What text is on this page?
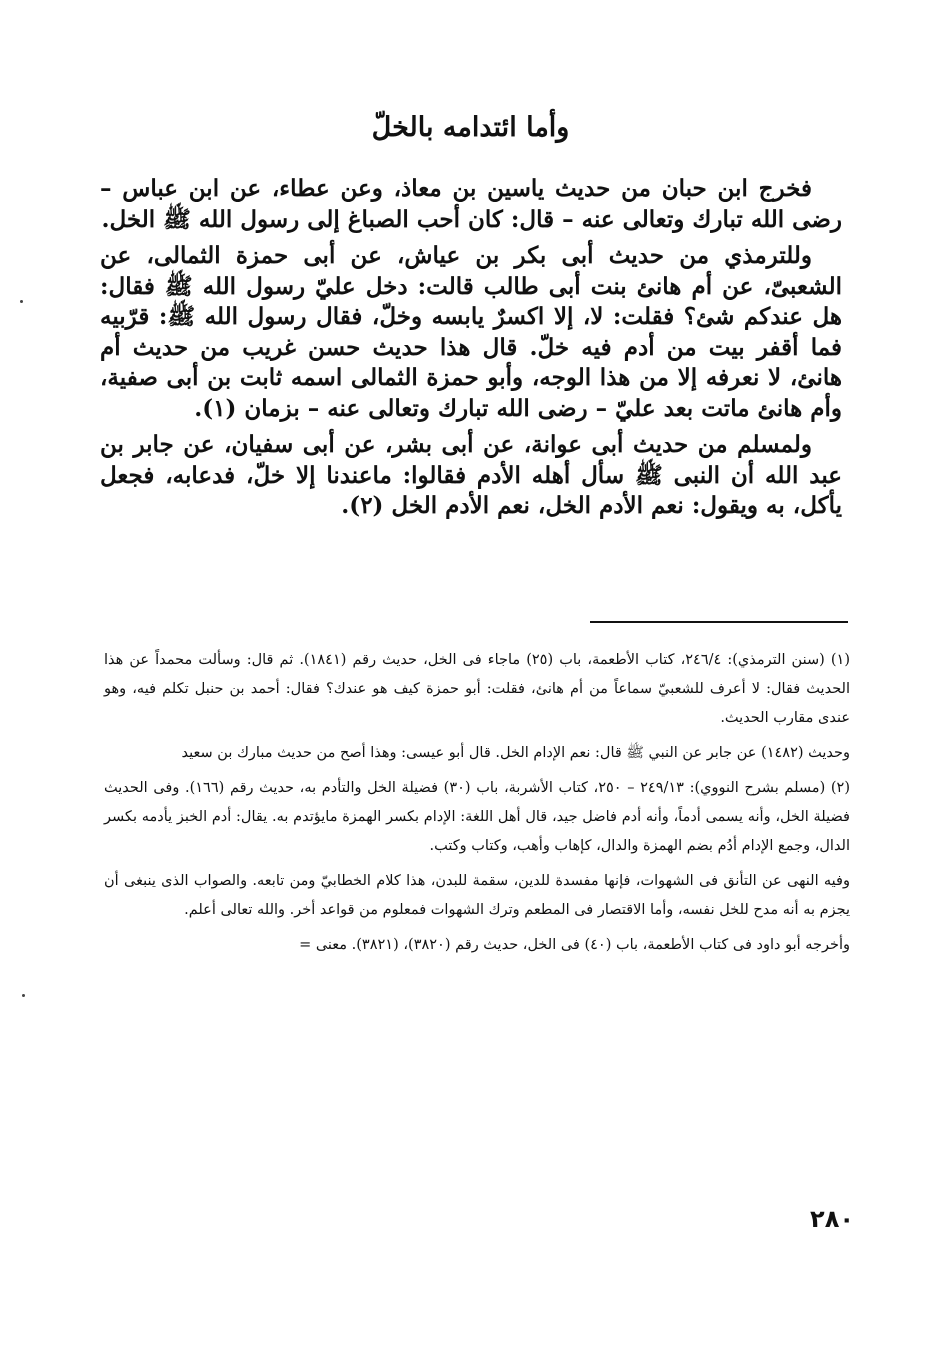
وأما ائتدامه بالخلّ

فخرج ابن حبان من حديث ياسين بن معاذ، وعن عطاء، عن ابن عباس – رضى الله تبارك وتعالى عنه – قال: كان أحب الصباغ إلى رسول الله ﷺ الخل.

وللترمذي من حديث أبى بكر بن عياش، عن أبى حمزة الثمالى، عن الشعبىّ، عن أم هانئ بنت أبى طالب قالت: دخل عليّ رسول الله ﷺ فقال: هل عندكم شئ؟ فقلت: لا، إلا اكسرٌ يابسه وخلّ، فقال رسول الله ﷺ: قرّبيه فما أقفر بيت من أدم فيه خلّ. قال هذا حديث حسن غريب من حديث أم هانئ، لا نعرفه إلا من هذا الوجه، وأبو حمزة الثمالى اسمه ثابت بن أبى صفية، وأم هانئ ماتت بعد عليّ – رضى الله تبارك وتعالى عنه – بزمان (١).

ولمسلم من حديث أبى عوانة، عن أبى بشر، عن أبى سفيان، عن جابر بن عبد الله أن النبى ﷺ سأل أهله الأدم فقالوا: ماعندنا إلا خلّ، فدعابه، فجعل يأكل، به ويقول: نعم الأدم الخل، نعم الأدم الخل (٢).

(١) (سنن الترمذي): ٢٤٦/٤، كتاب الأطعمة، باب (٢٥) ماجاء فى الخل، حديث رقم (١٨٤١). ثم قال: وسألت محمداً عن هذا الحديث فقال: لا أعرف للشعبيّ سماعاً من أم هانئ، فقلت: أبو حمزة كيف هو عندك؟ فقال: أحمد بن حنبل تكلم فيه، وهو عندى مقارب الحديث.

وحديث (١٤٨٢) عن جابر عن النبي ﷺ قال: نعم الإدام الخل. قال أبو عيسى: وهذا أصح من حديث مبارك بن سعيد

(٢) (مسلم بشرح النووي): ٢٤٩/١٣ – ٢٥٠، كتاب الأشربة، باب (٣٠) فضيلة الخل والتأدم به، حديث رقم (١٦٦). وفى الحديث فضيلة الخل، وأنه يسمى أدماً، وأنه أدم فاضل جيد، قال أهل اللغة: الإدام بكسر الهمزة مايؤتدم به. يقال: أدم الخبز يأدمه بكسر الدال، وجمع الإدام أدُم بضم الهمزة والدال، كإهاب وأهب، وكتاب وكتب.

وفيه النهى عن التأنق فى الشهوات، فإنها مفسدة للدين، سقمة للبدن، هذا كلام الخطابيّ ومن تابعه. والصواب الذى ينبغى أن يجزم به أنه مدح للخل نفسه، وأما الاقتصار فى المطعم وترك الشهوات فمعلوم من قواعد أخر. والله تعالى أعلم.

وأخرجه أبو داود فى كتاب الأطعمة، باب (٤٠) فى الخل، حديث رقم (٣٨٢٠)، (٣٨٢١). معنى =

٢٨٠
